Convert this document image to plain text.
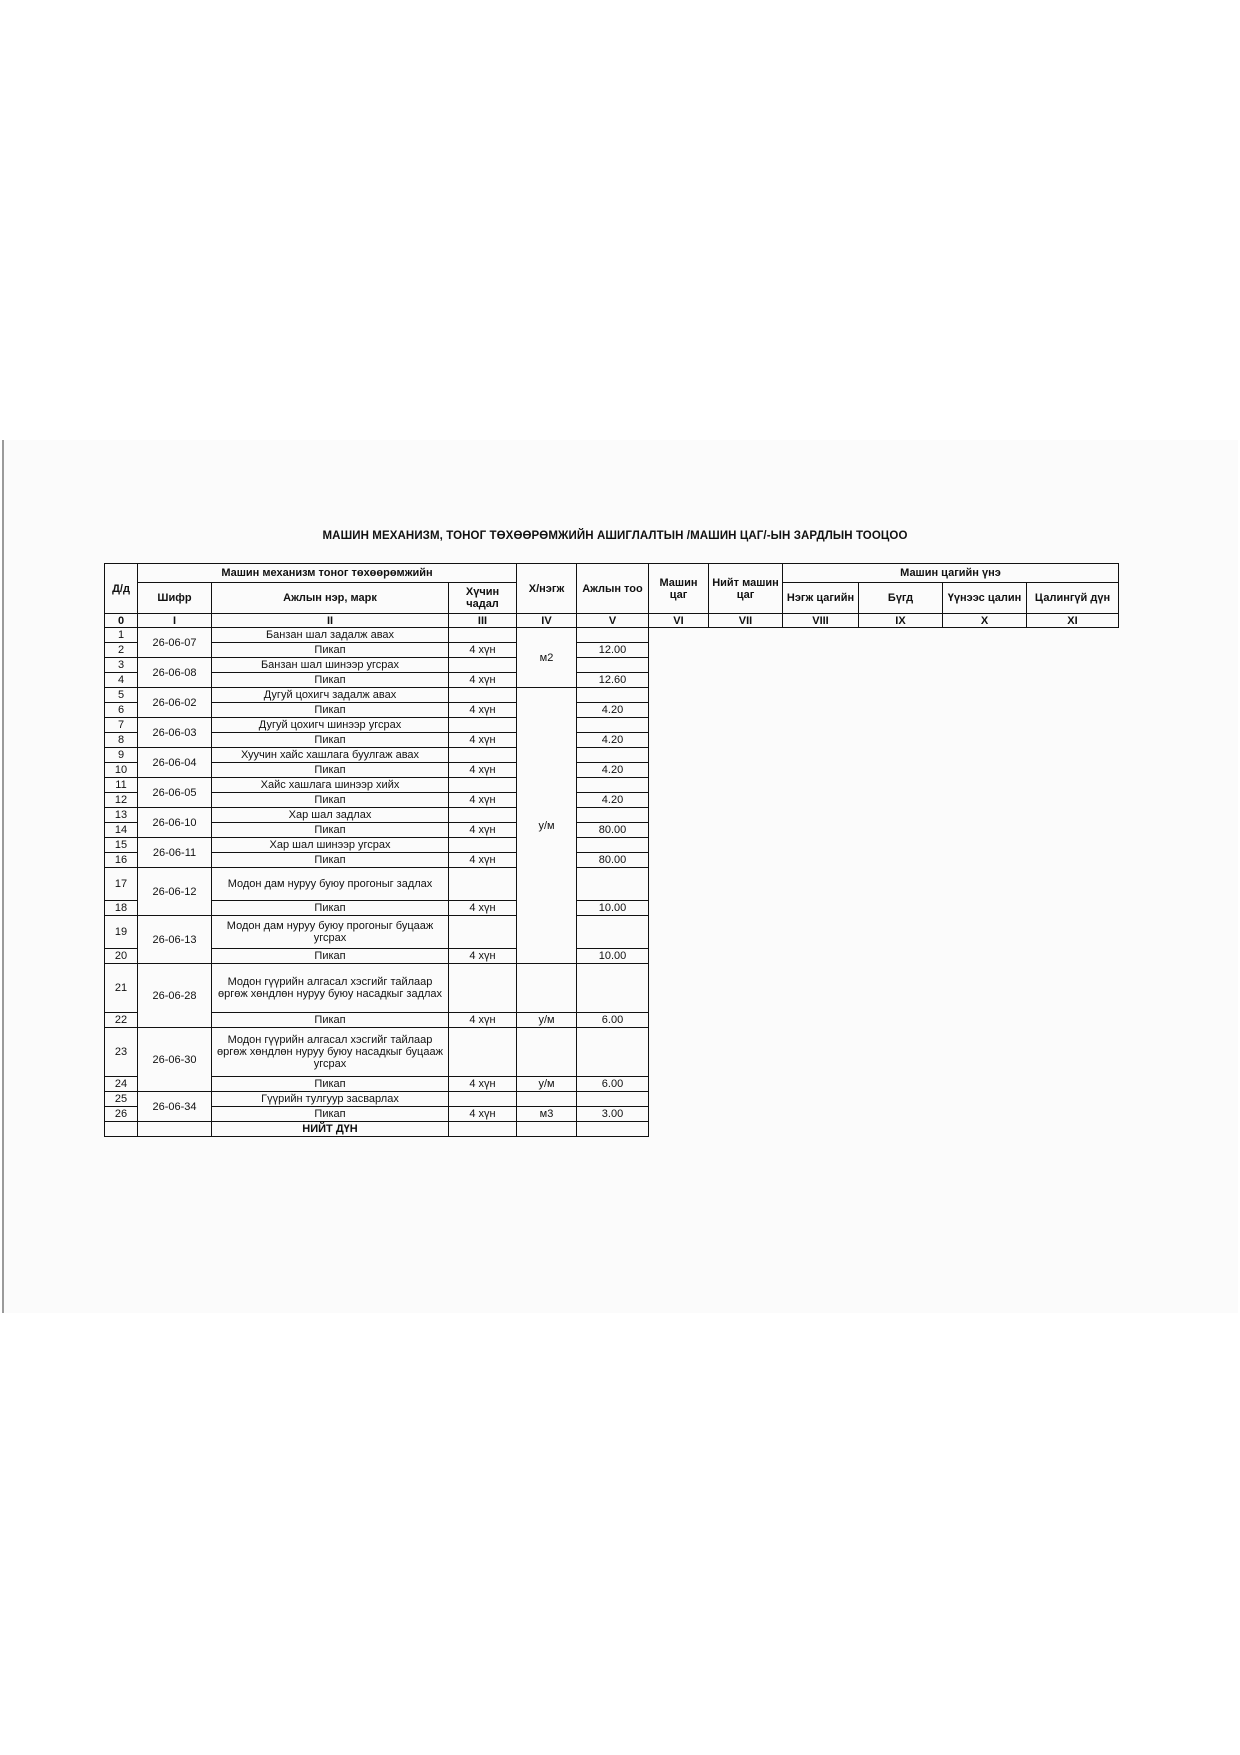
МАШИН МЕХАНИЗМ, ТОНОГ ТӨХӨӨРӨМЖИЙН АШИГЛАЛТЫН /МАШИН ЦАГ/-ЫН ЗАРДЛЫН ТООЦОО
Д/д	Машин механизм тоног төхөөрөмжийн			Х/нэгж	Ажлын тоо	Машин цаг	Нийт машин цаг	Машин цагийн үнэ			
	Шифр	Ажлын нэр, марк	Хүчин чадал					Нэгж цагийн	Бүгд	Үүнээс цалин	Цалингүй дүн
0	I	II	III	IV	V	VI	VII	VIII	IX	X	XI
1	26-06-07	Банзан шал задалж авах		м2							
2		Пикап	4 хүн		12.00						
3	26-06-08	Банзан шал шинээр угсрах									
4		Пикап	4 хүн		12.60						
5	26-06-02	Дугуй цохигч задалж авах		у/м							
6		Пикап	4 хүн		4.20						
7	26-06-03	Дугуй цохигч шинээр угсрах									
8		Пикап	4 хүн		4.20						
9	26-06-04	Хуучин хайс хашлага буулгаж авах									
10		Пикап	4 хүн		4.20						
11	26-06-05	Хайс хашлага шинээр хийх									
12		Пикап	4 хүн		4.20						
13	26-06-10	Хар шал задлах									
14		Пикап	4 хүн		80.00						
15	26-06-11	Хар шал шинээр угсрах									
16		Пикап	4 хүн		80.00						
17	26-06-12	Модон дам нуруу буюу прогоныг задлах									
18		Пикап	4 хүн		10.00						
19	26-06-13	Модон дам нуруу буюу прогоныг буцааж угсрах									
20		Пикап	4 хүн		10.00						
21	26-06-28	Модон гүүрийн алгасал хэсгийг тайлаар өргөж хөндлөн нуруу буюу насадкыг задлах									
22		Пикап	4 хүн	у/м	6.00						
23	26-06-30	Модон гүүрийн алгасал хэсгийг тайлаар өргөж хөндлөн нуруу буюу насадкыг буцааж угсрах									
24		Пикап	4 хүн	у/м	6.00						
25	26-06-34	Гүүрийн тулгуур засварлах									
26		Пикап	4 хүн	м3	3.00						
		НИЙТ ДҮН									
